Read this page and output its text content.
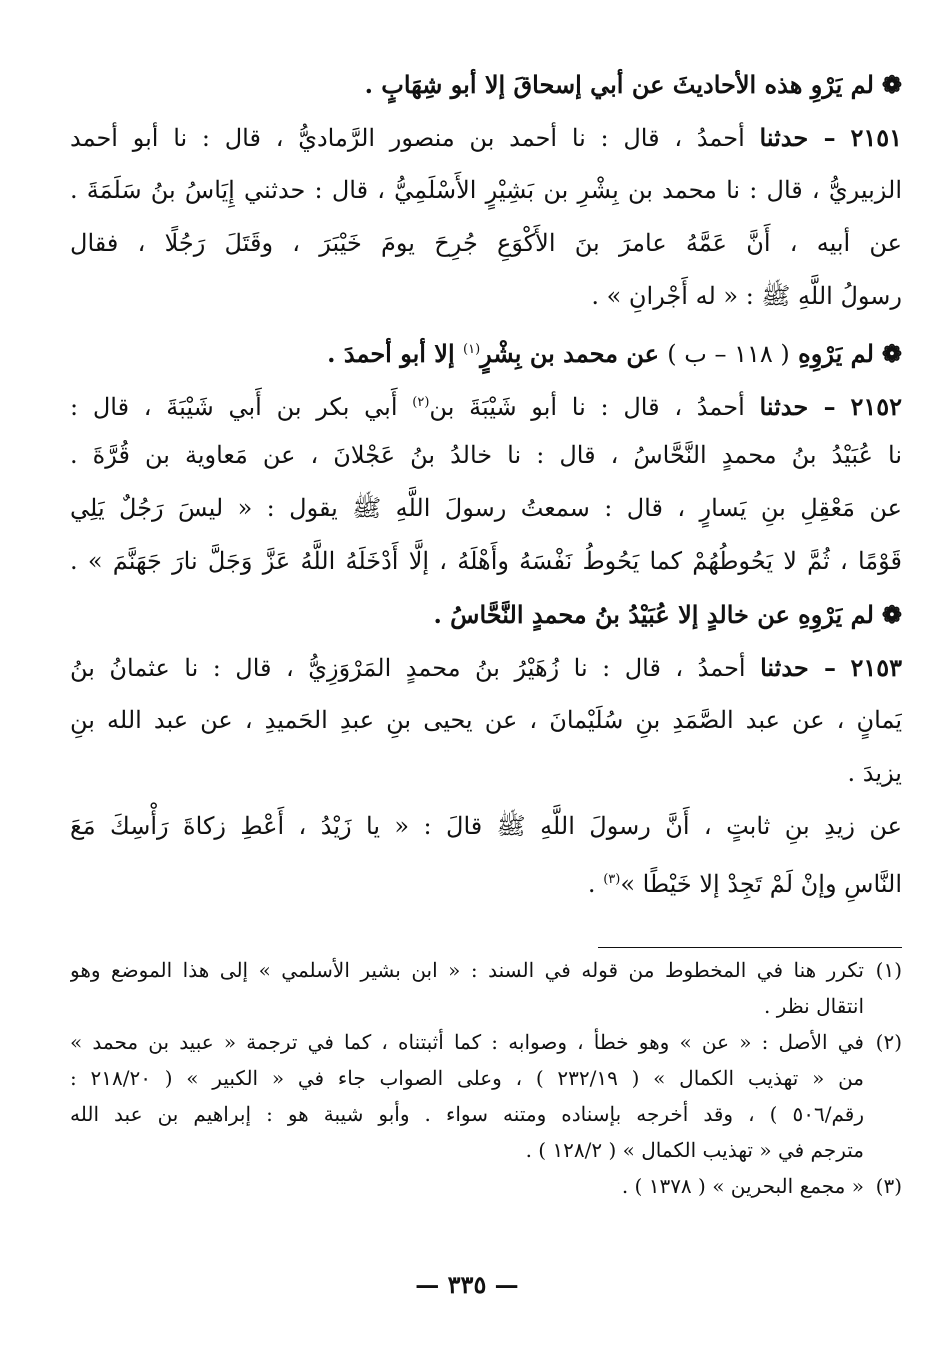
❁لم يَرْوِ هذه الأحاديثَ عن أبي إسحاقَ إلا أبو شِهَابٍ .
٢١٥١ – حدثنا أحمدُ ، قال : نا أحمد بن منصور الرَّماديُّ ، قال : نا أبو أحمد
الزبيريُّ ، قال : نا محمد بن بِشْرِ بن بَشِيْرٍ الأَسْلَمِيُّ ، قال : حدثني إِيَاسُ بنُ سَلَمَةَ .
عن أبيه ، أَنَّ عَمَّهُ عامرَ بنَ الأَكْوَعِ جُرِحَ يومَ خَيْبَرَ ، وقَتَلَ رَجُلًا ، فقال
رسولُ اللَّهِ ﷺ : « له أَجْرانِ » .
❁لم يَرْوِهِ ( ١١٨ – ب ) عن محمد بن بِشْرٍ$^{(١)}$ إلا أبو أحمدَ .
٢١٥٢ – حدثنا أحمدُ ، قال : نا أبو شَيْبَةَ بن$^{(٢)}$ أَبي بكر بن أَبي شَيْبَةَ ، قال :
نا عُبَيْدُ بنُ محمدٍ النَّحَّاسُ ، قال : نا خالدُ بنُ عَجْلانَ ، عن مَعاوية بن قُرَّةَ .
عن مَعْقِلِ بنِ يَسارٍ ، قال : سمعتُ رسولَ اللَّهِ ﷺ يقول : « ليسَ رَجُلٌ يَلِي
قَوْمًا ، ثُمَّ لا يَحُوطُهُمْ كما يَحُوطُ نَفْسَهُ وأَهْلَهُ ، إلَّا أَدْخَلَهُ اللَّهُ عَزَّ وَجَلَّ نارَ جَهَنَّمَ » .
❁لم يَرْوِهِ عن خالدٍ إلا عُبَيْدُ بنُ محمدٍ النَّحَّاسُ .
٢١٥٣ – حدثنا أحمدُ ، قال : نا زُهَيْرُ بنُ محمدٍ المَرْوَزِيُّ ، قال : نا عثمانُ بنُ
يَمانٍ ، عن عبد الصَّمَدِ بنِ سُلَيْمانَ ، عن يحيى بنِ عبدِ الحَميدِ ، عن عبد الله بنِ
يزيدَ .
عن زيدِ بنِ ثابتٍ ، أَنَّ رسولَ اللَّهِ ﷺ قالَ : « يا زَيْدُ ، أَعْطِ زكاةَ رَأْسِكَ مَعَ
النَّاسِ وإنْ لَمْ تَجِدْ إلا خَيْطًا »$^{(٣)}$ .
(١)تكرر هنا في المخطوط من قوله في السند : « ابن بشير الأسلمي » إلى هذا الموضع وهو
انتقال نظر .
(٢)في الأصل : « عن » وهو خطأ ، وصوابه : كما أثبتناه ، كما في ترجمة « عبيد بن محمد »
من « تهذيب الكمال » ( ٢٣٢/١٩ ) ، وعلى الصواب جاء في « الكبير » ( ٢١٨/٢٠ :
رقم/٥٠٦ ) ، وقد أخرجه بإسناده ومتنه سواء . وأبو شيبة هو : إبراهيم بن عبد الله
مترجم في « تهذيب الكمال » ( ١٢٨/٢ ) .
(٣)« مجمع البحرين » ( ١٣٧٨ ) .
— ٣٣٥ —
